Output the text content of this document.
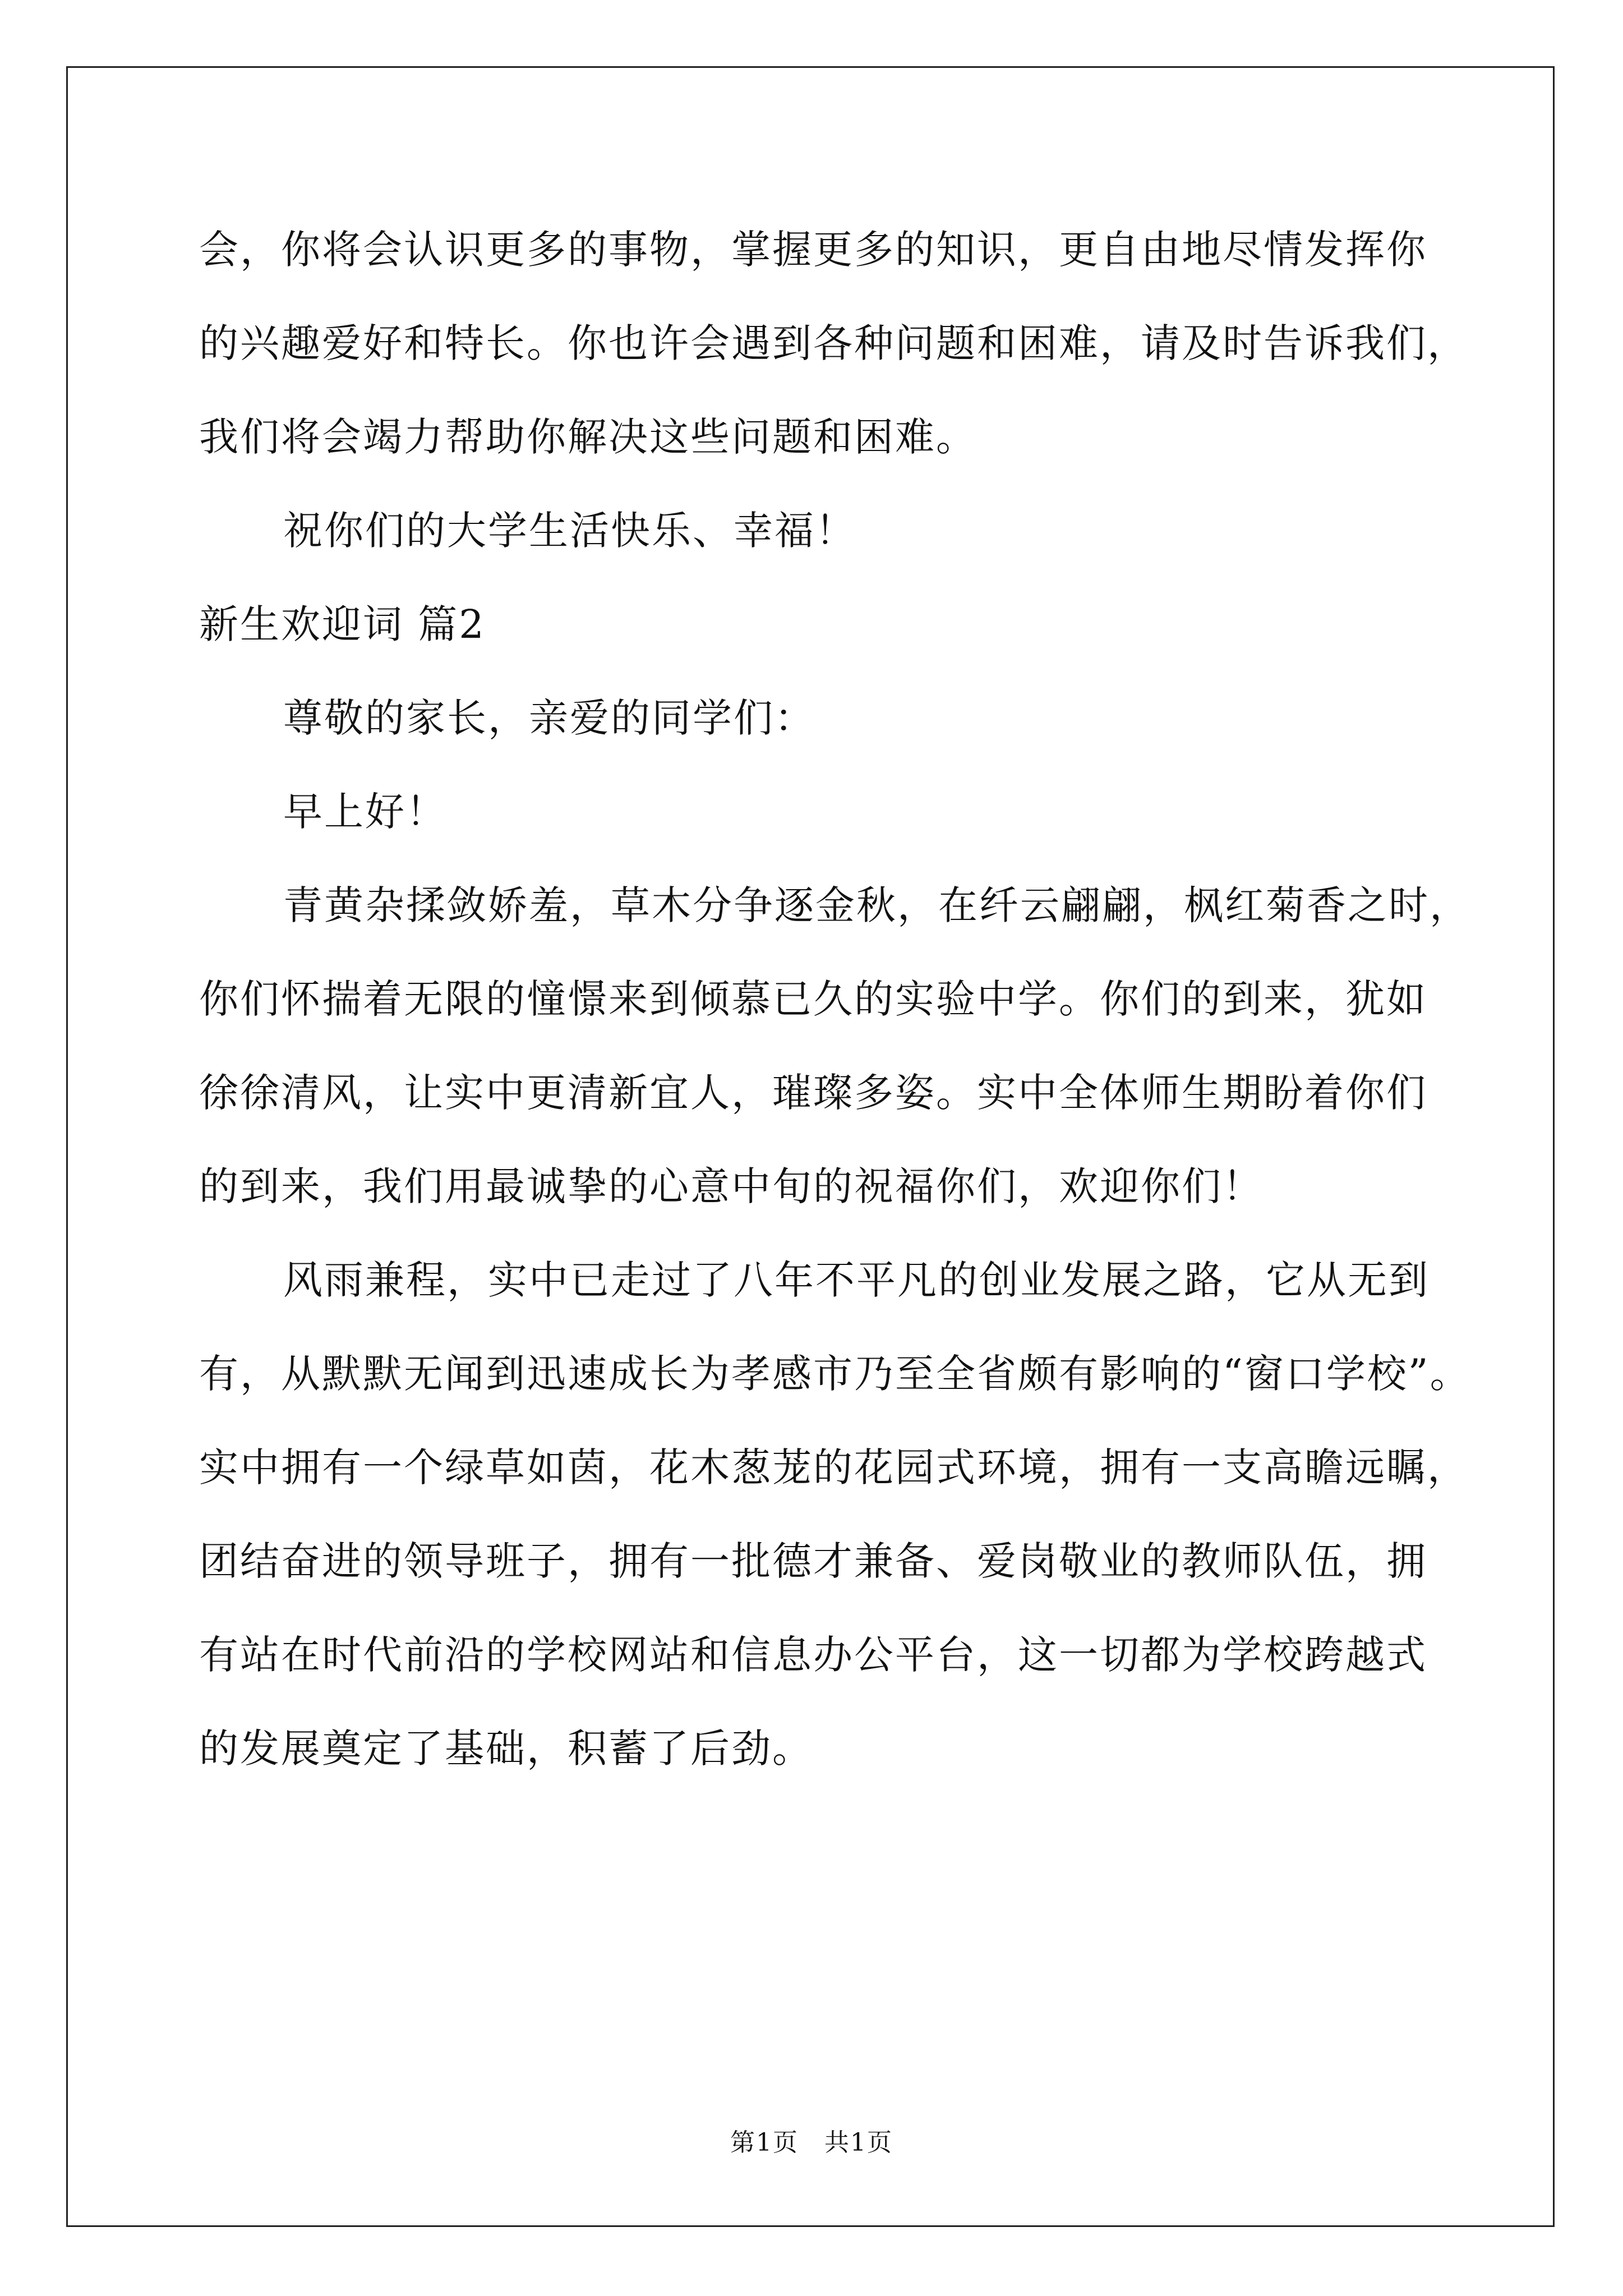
会，你将会认识更多的事物，掌握更多的知识，更自由地尽情发挥你
的兴趣爱好和特长。你也许会遇到各种问题和困难，请及时告诉我们，
我们将会竭力帮助你解决这些问题和困难。
祝你们的大学生活快乐、幸福！
新生欢迎词 篇2
尊敬的家长，亲爱的同学们：
早上好！
青黄杂揉敛娇羞，草木分争逐金秋，在纤云翩翩，枫红菊香之时，
你们怀揣着无限的憧憬来到倾慕已久的实验中学。你们的到来，犹如
徐徐清风，让实中更清新宜人，璀璨多姿。实中全体师生期盼着你们
的到来，我们用最诚挚的心意中旬的祝福你们，欢迎你们！
风雨兼程，实中已走过了八年不平凡的创业发展之路，它从无到
有，从默默无闻到迅速成长为孝感市乃至全省颇有影响的“窗口学校”。
实中拥有一个绿草如茵，花木葱茏的花园式环境，拥有一支高瞻远瞩，
团结奋进的领导班子，拥有一批德才兼备、爱岗敬业的教师队伍，拥
有站在时代前沿的学校网站和信息办公平台，这一切都为学校跨越式
的发展奠定了基础，积蓄了后劲。
第1页　共1页
